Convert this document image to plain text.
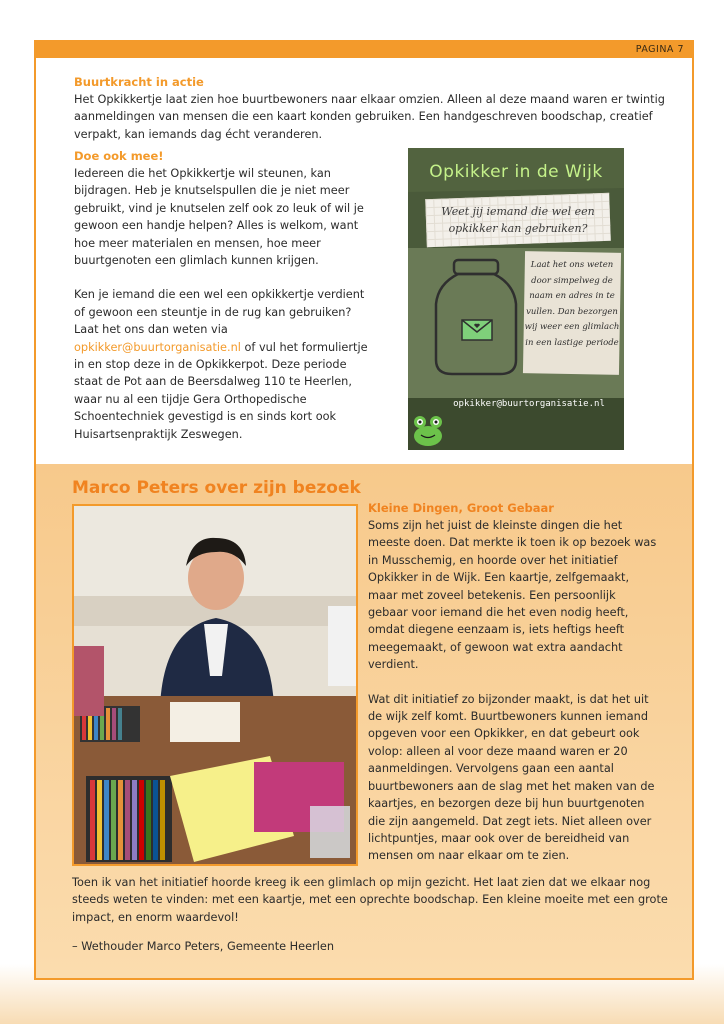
PAGINA 7
Buurtkracht in actie
Het Opkikkertje laat zien hoe buurtbewoners naar elkaar omzien. Alleen al deze maand waren er twintig aanmeldingen van mensen die een kaart konden gebruiken. Een handgeschreven boodschap, creatief verpakt, kan iemands dag écht veranderen.
Doe ook mee!
Iedereen die het Opkikkertje wil steunen, kan bijdragen. Heb je knutselspullen die je niet meer gebruikt, vind je knutselen zelf ook zo leuk of wil je gewoon een handje helpen? Alles is welkom, want hoe meer materialen en mensen, hoe meer buurtgenoten een glimlach kunnen krijgen.
Ken je iemand die een wel een opkikkertje verdient of gewoon een steuntje in de rug kan gebruiken? Laat het ons dan weten via opkikker@buurtorganisatie.nl of vul het formuliertje in en stop deze in de Opkikkerpot. Deze periode staat de Pot aan de Beersdalweg 110 te Heerlen, waar nu al een tijdje Gera Orthopedische Schoentechniek gevestigd is en sinds kort ook Huisartsenpraktijk Zeswegen.
Opkikker in de Wijk
Weet jij iemand die wel een opkikker kan gebruiken?
Laat het ons weten door simpelweg de naam en adres in te vullen. Dan bezorgen wij weer een glimlach in een lastige periode
opkikker@buurtorganisatie.nl
Marco Peters over zijn bezoek
Kleine Dingen, Groot Gebaar
Soms zijn het juist de kleinste dingen die het meeste doen. Dat merkte ik toen ik op bezoek was in Musschemig, en hoorde over het initiatief Opkikker in de Wijk. Een kaartje, zelfgemaakt, maar met zoveel betekenis. Een persoonlijk gebaar voor iemand die het even nodig heeft, omdat diegene eenzaam is, iets heftigs heeft meegemaakt, of gewoon wat extra aandacht verdient.
Wat dit initiatief zo bijzonder maakt, is dat het uit de wijk zelf komt. Buurtbewoners kunnen iemand opgeven voor een Opkikker, en dat gebeurt ook volop: alleen al voor deze maand waren er 20 aanmeldingen. Vervolgens gaan een aantal buurtbewoners aan de slag met het maken van de kaartjes, en bezorgen deze bij hun buurtgenoten die zijn aangemeld. Dat zegt iets. Niet alleen over lichtpuntjes, maar ook over de bereidheid van mensen om naar elkaar om te zien.
Toen ik van het initiatief hoorde kreeg ik een glimlach op mijn gezicht. Het laat zien dat we elkaar nog steeds weten te vinden: met een kaartje, met een oprechte boodschap. Een kleine moeite met een grote impact, en enorm waardevol!
– Wethouder Marco Peters, Gemeente Heerlen
